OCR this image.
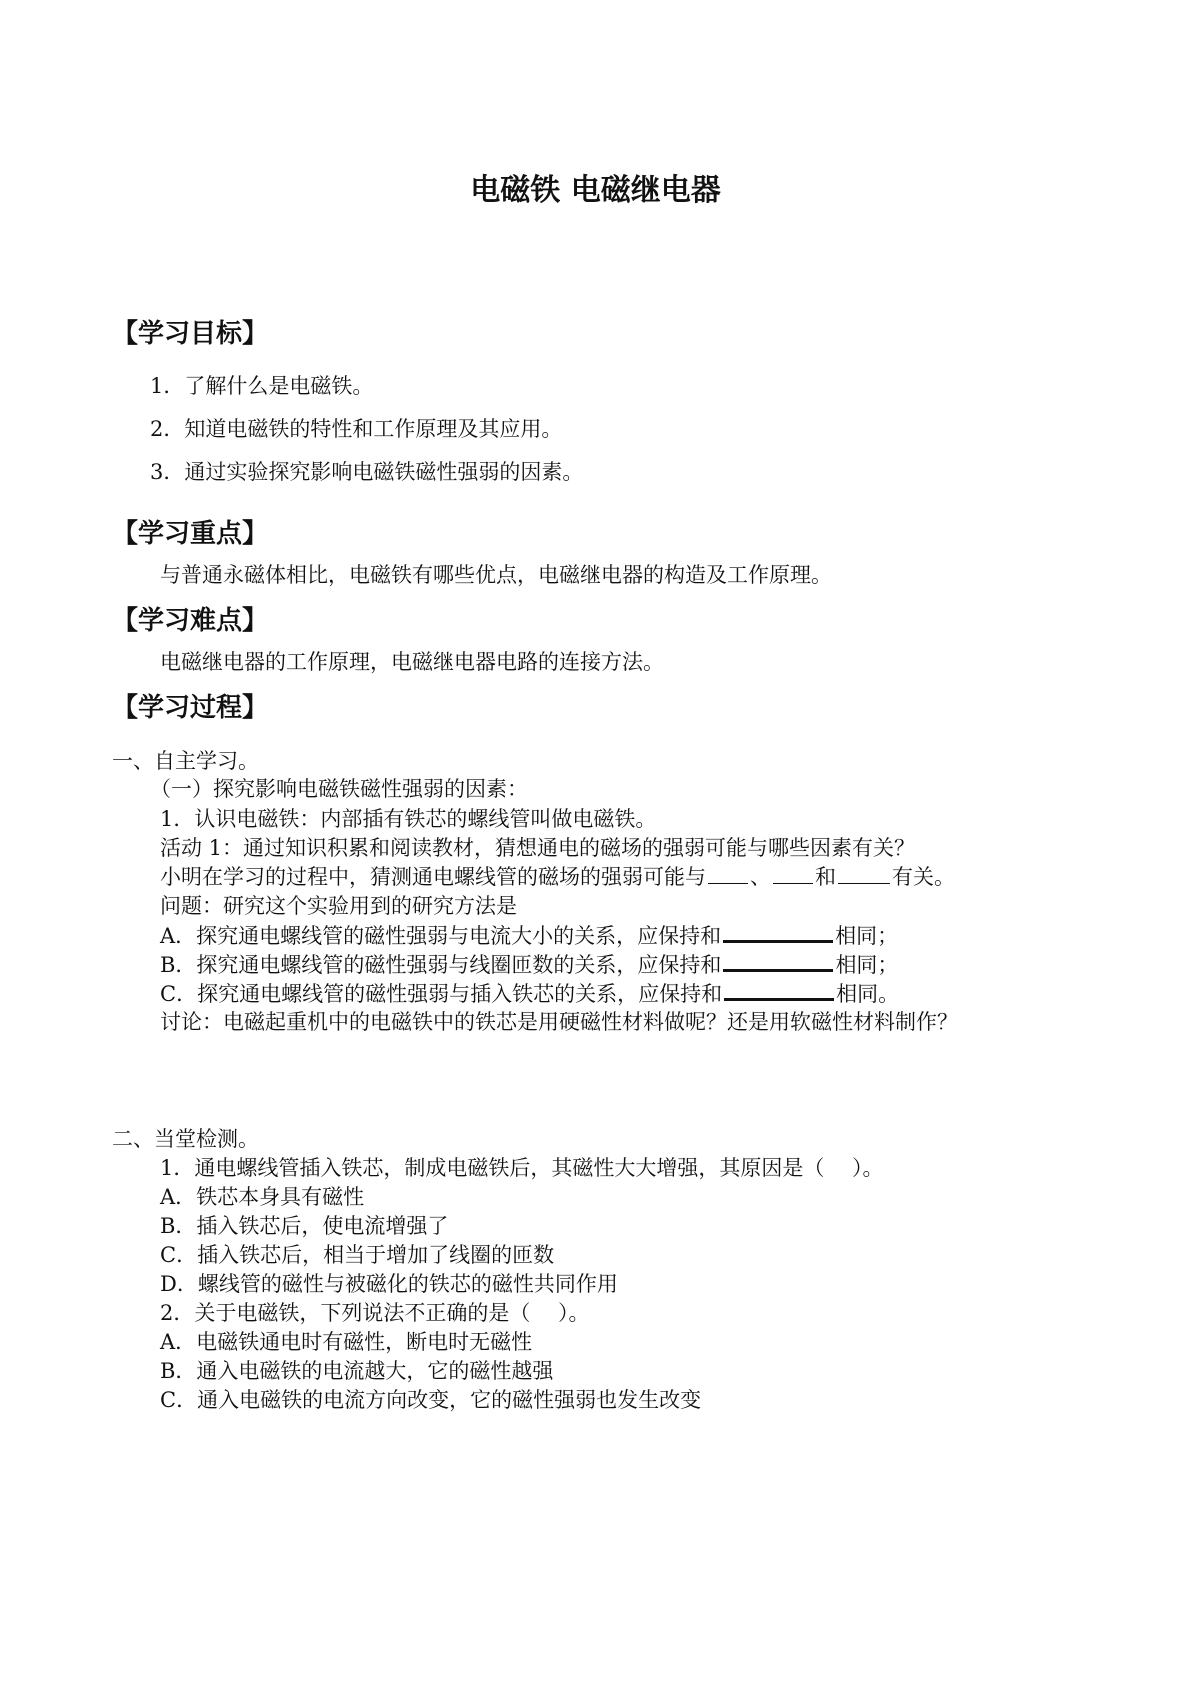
电磁铁 电磁继电器
【学习目标】
1．了解什么是电磁铁。
2．知道电磁铁的特性和工作原理及其应用。
3．通过实验探究影响电磁铁磁性强弱的因素。
【学习重点】
与普通永磁体相比，电磁铁有哪些优点，电磁继电器的构造及工作原理。
【学习难点】
电磁继电器的工作原理，电磁继电器电路的连接方法。
【学习过程】
一、自主学习。
（一）探究影响电磁铁磁性强弱的因素：
1．认识电磁铁：内部插有铁芯的螺线管叫做电磁铁。
活动 1：通过知识积累和阅读教材，猜想通电的磁场的强弱可能与哪些因素有关？
小明在学习的过程中，猜测通电螺线管的磁场的强弱可能与 、 和	有关。
问题：研究这个实验用到的研究方法是
A．探究通电螺线管的磁性强弱与电流大小的关系，应保持和	相同；
B．探究通电螺线管的磁性强弱与线圈匝数的关系，应保持和	相同；
C．探究通电螺线管的磁性强弱与插入铁芯的关系，应保持和	相同。
讨论：电磁起重机中的电磁铁中的铁芯是用硬磁性材料做呢？还是用软磁性材料制作？
二、当堂检测。
1．通电螺线管插入铁芯，制成电磁铁后，其磁性大大增强，其原因是（　 ）。
A．铁芯本身具有磁性
B．插入铁芯后，使电流增强了
C．插入铁芯后，相当于增加了线圈的匝数
D．螺线管的磁性与被磁化的铁芯的磁性共同作用
2．关于电磁铁，下列说法不正确的是（　 ）。
A．电磁铁通电时有磁性，断电时无磁性
B．通入电磁铁的电流越大，它的磁性越强
C．通入电磁铁的电流方向改变，它的磁性强弱也发生改变
